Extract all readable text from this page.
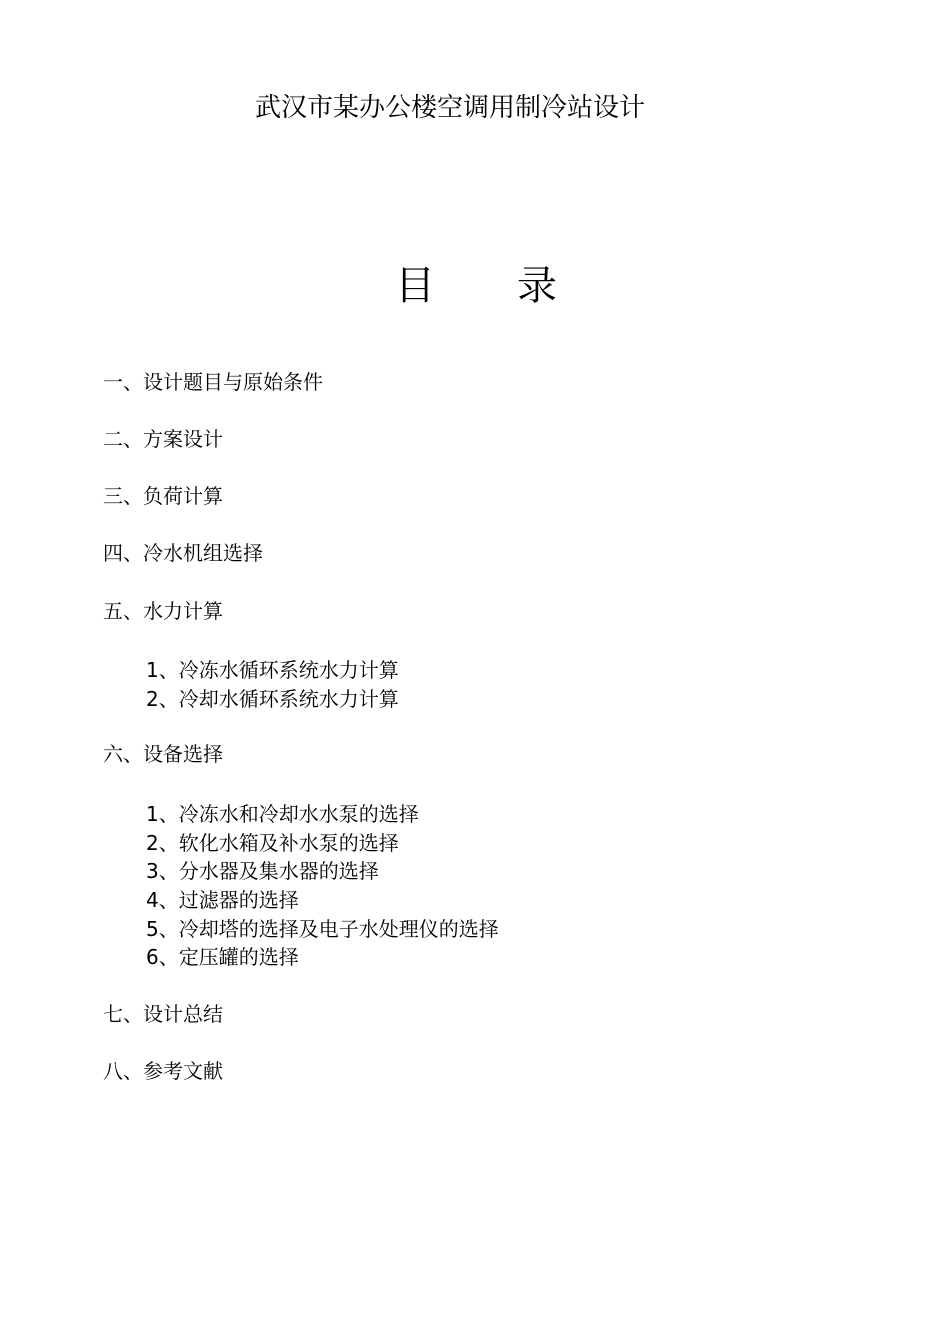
武汉市某办公楼空调用制冷站设计
目 录
一、设计题目与原始条件
二、方案设计
三、负荷计算
四、冷水机组选择
五、水力计算
1、冷冻水循环系统水力计算
2、冷却水循环系统水力计算
六、设备选择
1、冷冻水和冷却水水泵的选择
2、软化水箱及补水泵的选择
3、分水器及集水器的选择
4、过滤器的选择
5、冷却塔的选择及电子水处理仪的选择
6、定压罐的选择
七、设计总结
八、参考文献
